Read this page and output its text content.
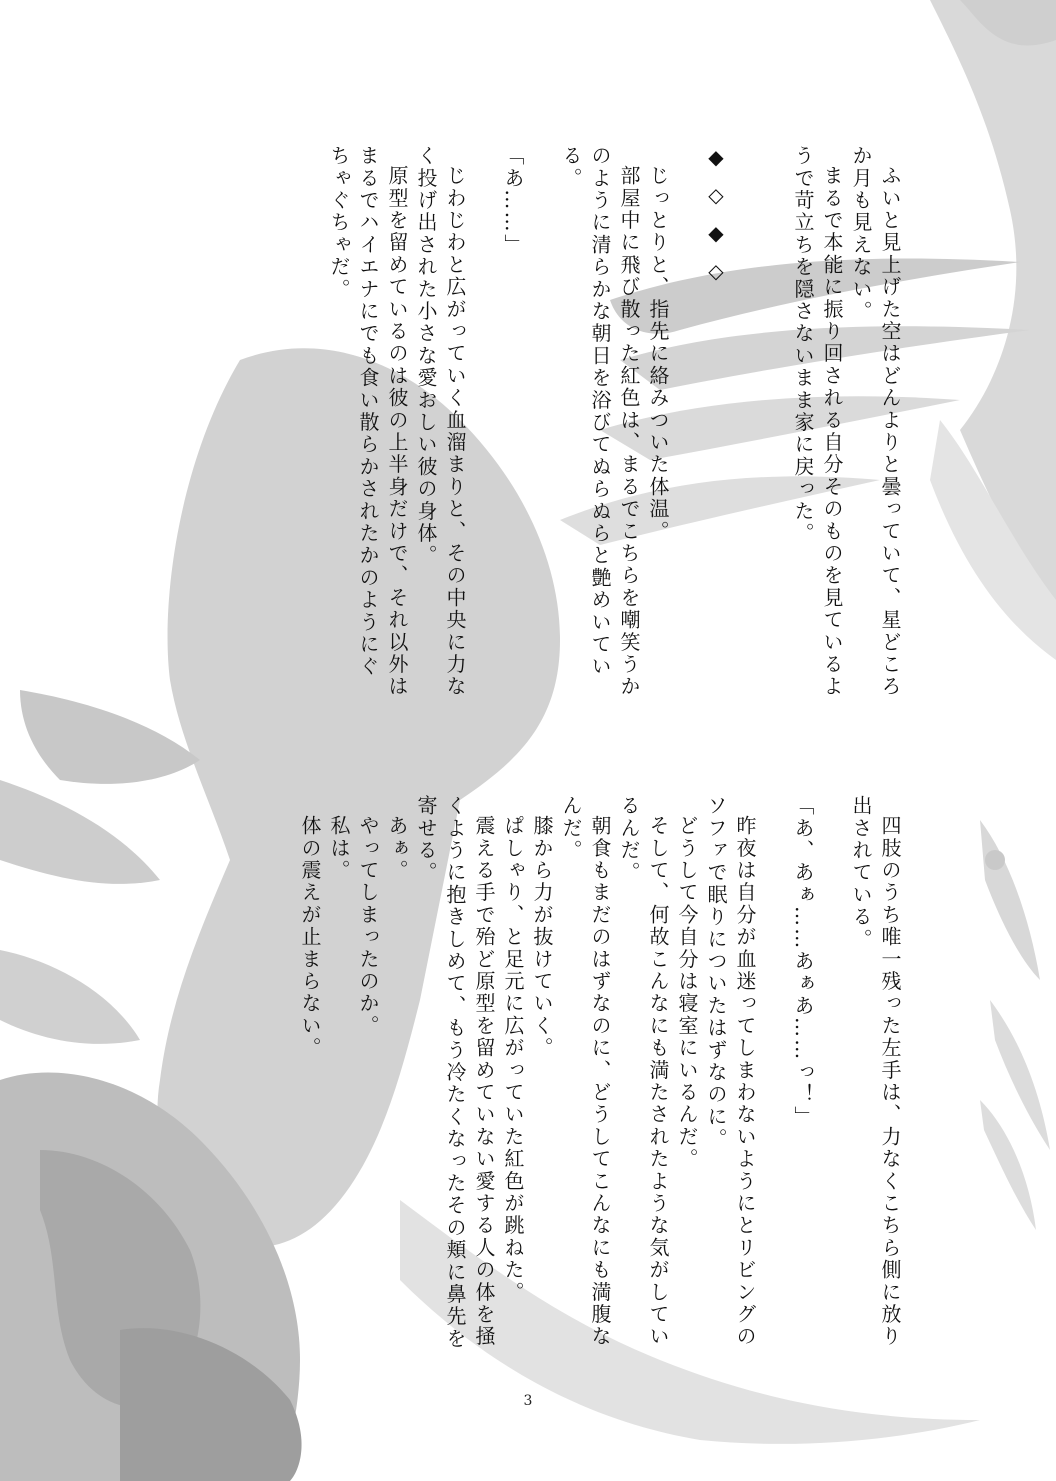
ふいと見上げた空はどんよりと曇っていて、星どころ

か月も見えない。

まるで本能に振り回される自分そのものを見ているよ

うで苛立ちを隠さないまま家に戻った。

◆◇◆◇

じっとりと、指先に絡みついた体温。

部屋中に飛び散った紅色は、まるでこちらを嘲笑うか

のように清らかな朝日を浴びてぬらぬらと艶めいてい

る。

「あ……」

じわじわと広がっていく血溜まりと、その中央に力な

く投げ出された小さな愛おしい彼の身体。

原型を留めているのは彼の上半身だけで、それ以外は

まるでハイエナにでも食い散らかされたかのようにぐ

ちゃぐちゃだ。

四肢のうち唯一残った左手は、力なくこちら側に放り

出されている。

「あ、あぁ……あぁあ……っ！」

昨夜は自分が血迷ってしまわないようにとリビングの

ソファで眠りについたはずなのに。

どうして今自分は寝室にいるんだ。

そして、何故こんなにも満たされたような気がしてい

るんだ。

朝食もまだのはずなのに、どうしてこんなにも満腹な

んだ。

膝から力が抜けていく。

ぱしゃり、と足元に広がっていた紅色が跳ねた。

震える手で殆ど原型を留めていない愛する人の体を掻

くように抱きしめて、もう冷たくなったその頬に鼻先を

寄せる。

あぁ。

やってしまったのか。

私は。

体の震えが止まらない。

3
